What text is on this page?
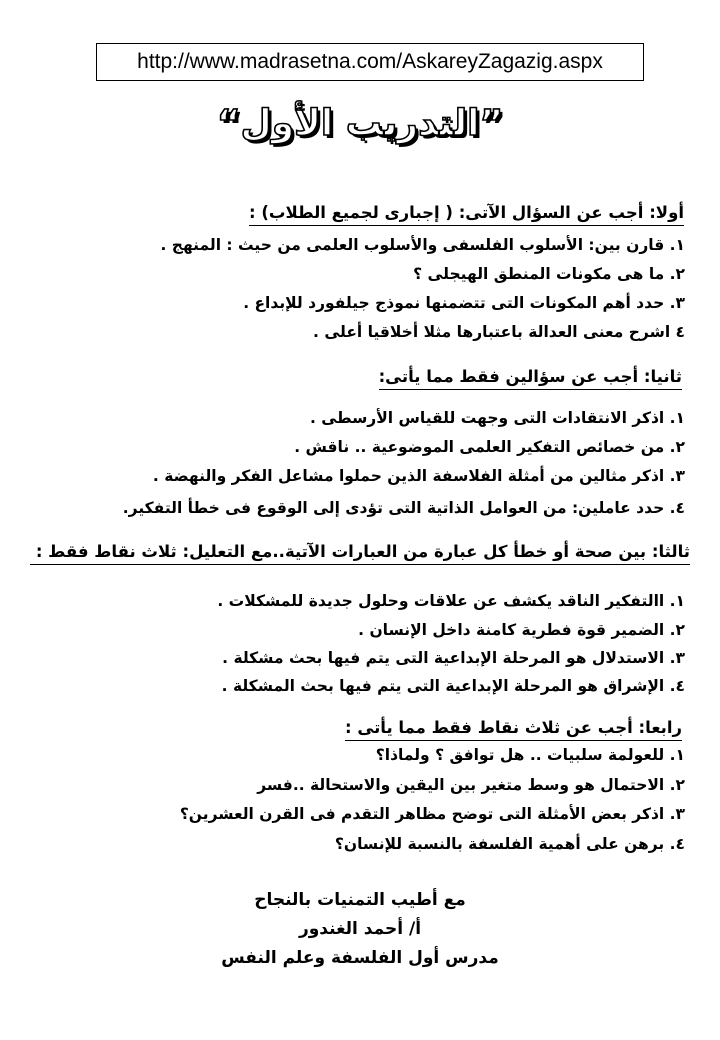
http://www.madrasetna.com/AskareyZagazig.aspx
”التدريب الأول“
أولا: أجب عن السؤال الآتى: ( إجبارى لجميع الطلاب) :
١. قارن بين: الأسلوب الفلسفى والأسلوب العلمى من حيث : المنهج .
٢. ما هى مكونات المنطق الهيجلى ؟
٣. حدد أهم المكونات التى تتضمنها نموذج جيلفورد للإبداع .
٤ اشرح معنى العدالة باعتبارها مثلا أخلاقيا أعلى .
ثانيا: أجب عن سؤالين فقط مما يأتى:
١. اذكر الانتقادات التى وجهت للقياس الأرسطى .
٢. من خصائص التفكير العلمى الموضوعية .. ناقش .
٣. اذكر مثالين من أمثلة الفلاسفة الذين حملوا مشاعل الفكر والنهضة .
٤. حدد عاملين: من العوامل الذاتية التى تؤدى إلى الوقوع فى خطأ التفكير.
ثالثا: بين صحة أو خطأ كل عبارة من العبارات الآتية..مع التعليل: ثلاث نقاط فقط :
١. االتفكير الناقد يكشف عن علاقات وحلول جديدة للمشكلات .
٢. الضمير قوة فطرية كامنة داخل الإنسان .
٣. الاستدلال هو المرحلة الإبداعية التى يتم فيها بحث مشكلة .
٤. الإشراق هو المرحلة الإبداعية التى يتم فيها بحث المشكلة .
رابعا: أجب عن ثلاث نقاط فقط مما يأتى :
١. للعولمة سلبيات .. هل توافق ؟ ولماذا؟
٢. الاحتمال هو وسط متغير بين اليقين والاستحالة ..فسر
٣. اذكر بعض الأمثلة التى توضح مظاهر التقدم فى القرن العشرين؟
٤. برهن على أهمية الفلسفة بالنسبة للإنسان؟
مع أطيب التمنيات بالنجاح
أ/ أحمد الغندور
مدرس أول الفلسفة وعلم النفس
